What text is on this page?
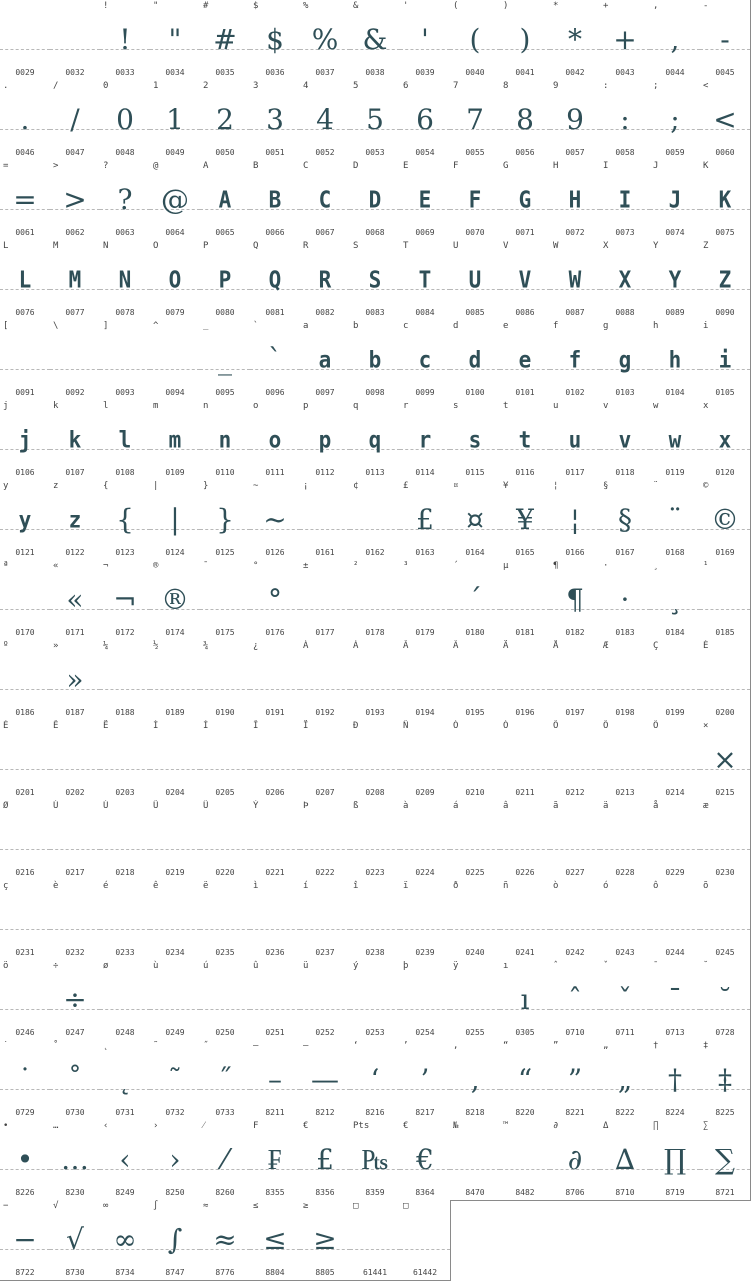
0029	0032
!
!
0033
"
"
0034
#
#
0035
$
$
0036
%
%
0037
&
&
0038
'
'
0039
(
(
0040
)
)
0041
*
*
0042
+
+
0043
,
,
0044
-
-
0045
.
.
0046
/
/
0047
0
0
0048
1
1
0049
2
2
0050
3
3
0051
4
4
0052
5
5
0053
6
6
0054
7
7
0055
8
8
0056
9
9
0057
:
:
0058
;
;
0059
<
<
0060
=
=
0061
>
>
0062
?
?
0063
@
@
0064
A
A
0065
B
B
0066
C
C
0067
D
D
0068
E
E
0069
F
F
0070
G
G
0071
H
H
0072
I
I
0073
J
J
0074
K
K
0075
L
L
0076
M
M
0077
N
N
0078
O
O
0079
P
P
0080
Q
Q
0081
R
R
0082
S
S
0083
T
T
0084
U
U
0085
V
V
0086
W
W
0087
X
X
0088
Y
Y
0089
Z
Z
0090
[
0091
\
0092
]
0093
^
0094
_
_
0095
`
`
0096
a
a
0097
b
b
0098
c
c
0099
d
d
0100
e
e
0101
f
f
0102
g
g
0103
h
h
0104
i
i
0105
j
j
0106
k
k
0107
l
l
0108
m
m
0109
n
n
0110
o
o
0111
p
p
0112
q
q
0113
r
r
0114
s
s
0115
t
t
0116
u
u
0117
v
v
0118
w
w
0119
x
x
0120
y
y
0121
z
z
0122
{
{
0123
|
|
0124
}
}
0125
~
~
0126
¡
0161
¢
0162
£
£
0163
¤
¤
0164
¥
¥
0165
¦
¦
0166
§
§
0167
¨
¨
0168
©
©
0169
ª
0170
«
«
0171
¬
¬
0172
®
®
0174
¯
0175
°
°
0176
±
0177
²
0178
³
0179
´
´
0180
µ
0181
¶
¶
0182
·
·
0183
¸
¸
0184
¹
0185
º
0186
»
»
0187
¼
0188
½
0189
¾
0190
¿
0191
À
0192
Á
0193
Â
0194
Ã
0195
Ä
0196
Å
0197
Æ
0198
Ç
0199
È
0200
É
0201
Ê
0202
Ë
0203
Ì
0204
Í
0205
Î
0206
Ï
0207
Ð
0208
Ñ
0209
Ò
0210
Ó
0211
Ô
0212
Õ
0213
Ö
0214
×
×
0215
Ø
0216
Ù
0217
Ú
0218
Û
0219
Ü
0220
Ý
0221
Þ
0222
ß
0223
à
0224
á
0225
â
0226
ã
0227
ä
0228
å
0229
æ
0230
ç
0231
è
0232
é
0233
ê
0234
ë
0235
ì
0236
í
0237
î
0238
ï
0239
ð
0240
ñ
0241
ò
0242
ó
0243
ô
0244
õ
0245
ö
0246
÷
÷
0247
ø
0248
ù
0249
ú
0250
û
0251
ü
0252
ý
0253
þ
0254
ÿ
0255
ı
ı
0305
ˆ
ˆ
0710
ˇ
ˇ
0711
ˉ
ˉ
0713
˘
˘
0728
˙
˙
0729
˚
˚
0730
˛
˛
0731
˜
˜
0732
˝
˝
0733
–
–
8211
—
—
8212
‘
‘
8216
’
’
8217
‚
‚
8218
“
“
8220
”
”
8221
„
„
8222
†
†
8224
‡
‡
8225
•
•
8226
…
…
8230
‹
‹
8249
›
›
8250
⁄
⁄
8260
F
₣
8355
€
£
8356
Pts
₧
8359
€
€
8364
№
8470
™
8482
∂
∂
8706
Δ
∆
8710
∏
∏
8719
∑
∑
8721
−
−
8722
√
√
8730
∞
∞
8734
∫
∫
8747
≈
≈
8776
≤
≤
8804
≥
≥
8805
□
61441
□
61442
